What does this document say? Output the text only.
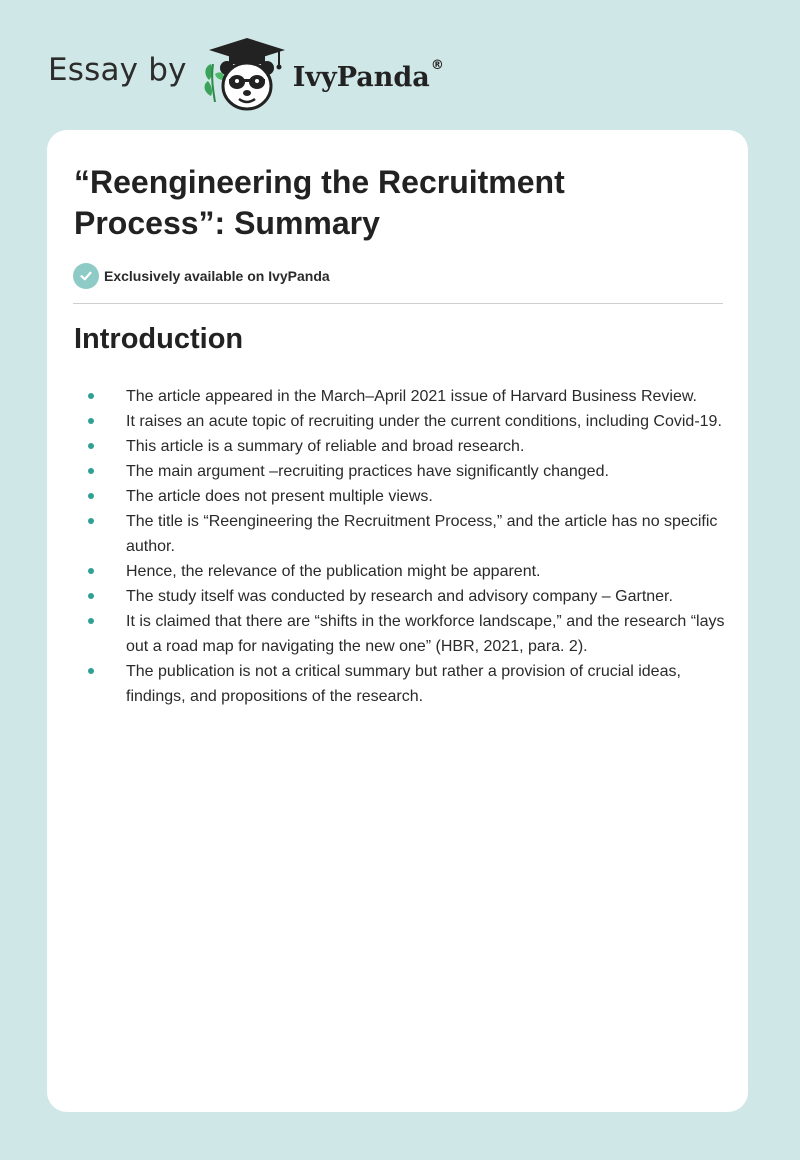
Essay by	IvyPanda®
“Reengineering the Recruitment Process”: Summary
Exclusively available on IvyPanda
Introduction
The article appeared in the March–April 2021 issue of Harvard Business Review.
It raises an acute topic of recruiting under the current conditions, including Covid-19.
This article is a summary of reliable and broad research.
The main argument –recruiting practices have significantly changed.
The article does not present multiple views.
The title is “Reengineering the Recruitment Process,” and the article has no specific author.
Hence, the relevance of the publication might be apparent.
The study itself was conducted by research and advisory company – Gartner.
It is claimed that there are “shifts in the workforce landscape,” and the research “lays out a road map for navigating the new one” (HBR, 2021, para. 2).
The publication is not a critical summary but rather a provision of crucial ideas, findings, and propositions of the research.
